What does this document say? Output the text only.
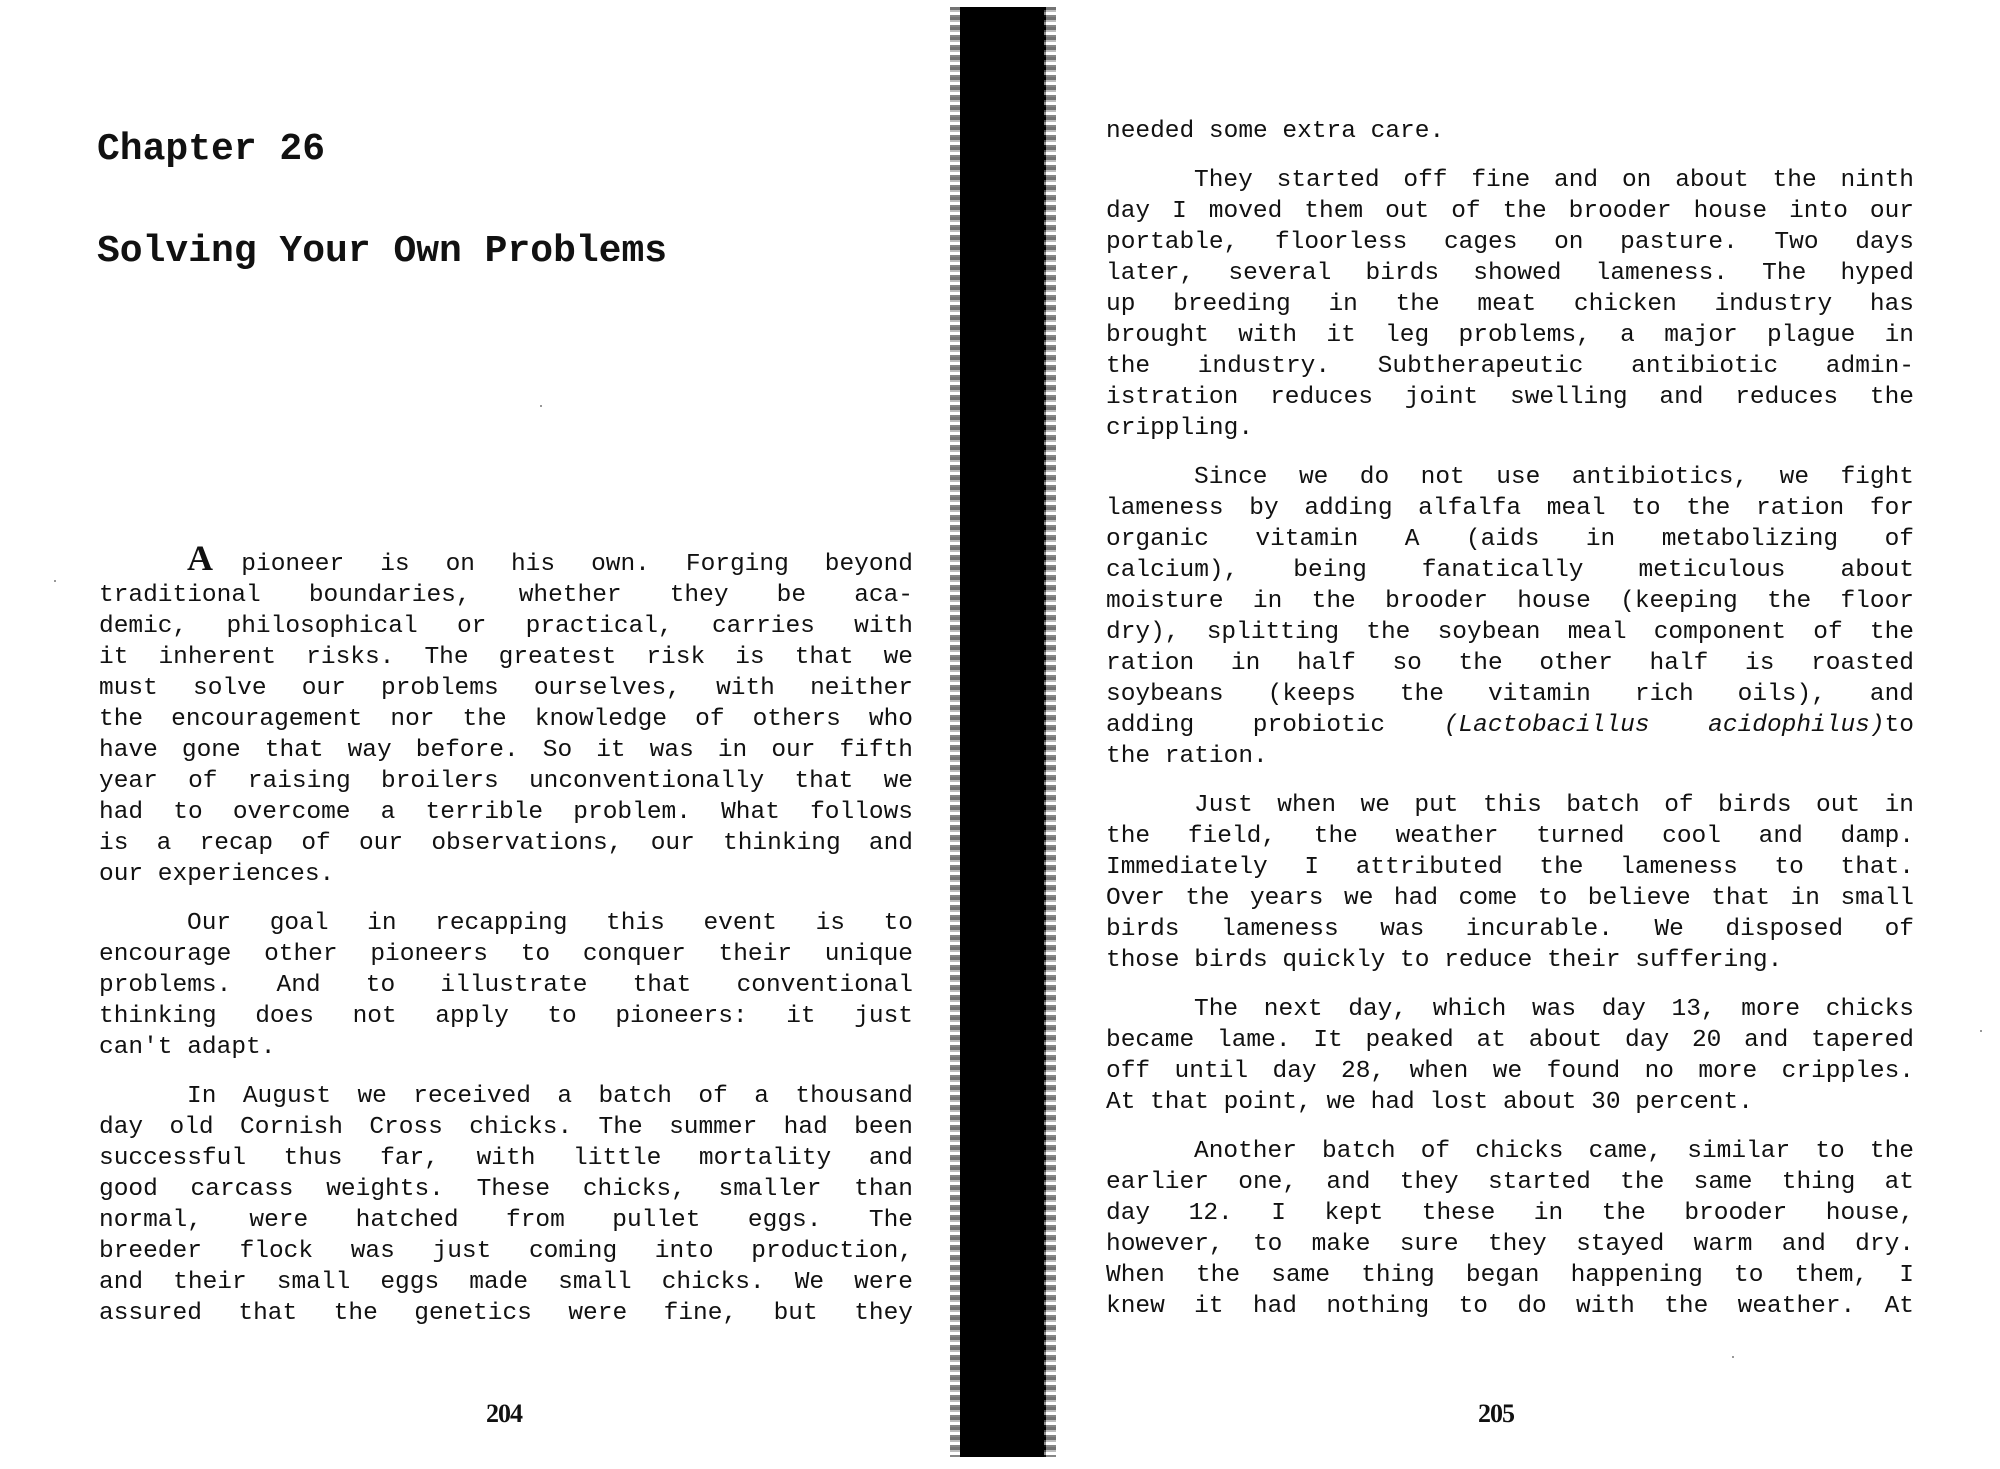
Chapter 26
Solving Your Own Problems

A pioneer is on his own. Forging beyond
traditional boundaries, whether they be aca-
demic, philosophical or practical, carries with
it inherent risks. The greatest risk is that we
must solve our problems ourselves, with neither
the encouragement nor the knowledge of others who
have gone that way before. So it was in our fifth
year of raising broilers unconventionally that we
had to overcome a terrible problem. What follows
is a recap of our observations, our thinking and
our experiences.

Our goal in recapping this event is to
encourage other pioneers to conquer their unique
problems. And to illustrate that conventional
thinking does not apply to pioneers: it just
can't adapt.

In August we received a batch of a thousand
day old Cornish Cross chicks. The summer had been
successful thus far, with little mortality and
good carcass weights. These chicks, smaller than
normal, were hatched from pullet eggs. The
breeder flock was just coming into production,
and their small eggs made small chicks. We were
assured that the genetics were fine, but they

204	205

needed some extra care.

They started off fine and on about the ninth
day I moved them out of the brooder house into our
portable, floorless cages on pasture. Two days
later, several birds showed lameness. The hyped
up breeding in the meat chicken industry has
brought with it leg problems, a major plague in
the industry. Subtherapeutic antibiotic admin-
istration reduces joint swelling and reduces the
crippling.

Since we do not use antibiotics, we fight
lameness by adding alfalfa meal to the ration for
organic vitamin A (aids in metabolizing of
calcium), being fanatically meticulous about
moisture in the brooder house (keeping the floor
dry), splitting the soybean meal component of the
ration in half so the other half is roasted
soybeans (keeps the vitamin rich oils), and
adding probiotic (Lactobacillus acidophilus)to
the ration.

Just when we put this batch of birds out in
the field, the weather turned cool and damp.
Immediately I attributed the lameness to that.
Over the years we had come to believe that in small
birds lameness was incurable. We disposed of
those birds quickly to reduce their suffering.

The next day, which was day 13, more chicks
became lame. It peaked at about day 20 and tapered
off until day 28, when we found no more cripples.
At that point, we had lost about 30 percent.

Another batch of chicks came, similar to the
earlier one, and they started the same thing at
day 12. I kept these in the brooder house,
however, to make sure they stayed warm and dry.
When the same thing began happening to them, I
knew it had nothing to do with the weather. At
